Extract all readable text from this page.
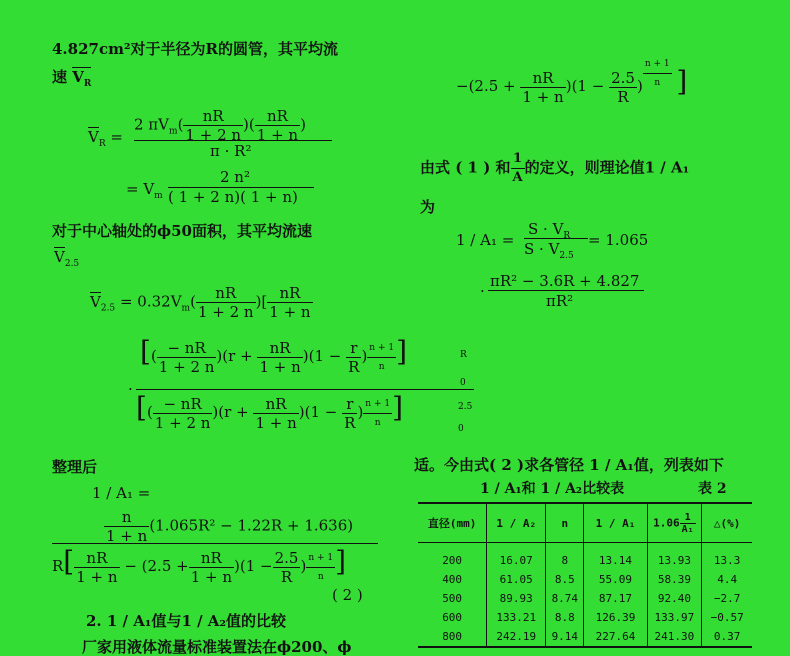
4.827cm²对于半径为R的圆管，其平均流
速 $V_R$
$V_R$ =
2 $\pi V_m( \frac{nR}{1 + 2 n}$ )( $\frac{nR}{1 + n}$ )
π · R²
= $V_m$
2 n²
( 1 + 2 n)( 1 + n)
对于中心轴处的ϕ50面积，其平均流速
$V_{2.5}$
$V_{2.5} = 0.32V_m( \frac{nR}{1 + 2 n}$ )[ $\frac{nR}{1 + n}$
[( $\frac{- nR}{1 + 2 n} )(r + \frac{nR}{1 + n} )(1 - \frac{r}{R}$ ) $\frac{n + 1}{n}$ ]	R
0
·
[( $\frac{- nR}{1 + 2 n} )(r + \frac{nR}{1 + n} )(1 - \frac{r}{R}$ ) $\frac{n + 1}{n}$ ]	2.5
0
整理后
1 / A₁ =
$\frac{n}{1 + n} (1.065R^2 - 1.22R + 1.636)$
$R[ \frac{nR}{1 + n} - (2.5 + \frac{nR}{1 + n} )(1 - \frac{2.5}{R}$ ) $\frac{n + 1}{n}$ ]
( 2 )
2. 1 / A₁值与1 / A₂值的比较
厂家用液体流量标准装置法在ϕ200、ϕ
$-(2.5 + \frac{nR}{1 + n} )(1 - \frac{2.5}{R}$ ) $^{\frac{n + 1}{n}}$ ]
由式 ( 1 ) 和 $\frac{1}{A}$ 的定义，则理论值1 / A₁
为
1 / A₁ =
$S \cdot V_R$
$S \cdot V_{2.5}$
= 1.065
·
πR² − 3.6R + 4.827
πR²
适。今由式( 2 )求各管径 1 / A₁值，列表如下
1 / A₁和 1 / A₂比较表	表 2
直径(mm)	1 / A₂	n	1 / A₁	$1.06 \frac{1}{\text{A₁}}$	△(%)
200	16.07	8	13.14	13.93	13.3
400	61.05	8.5	55.09	58.39	4.4
500	89.93	8.74	87.17	92.40	−2.7
600	133.21	8.8	126.39	133.97	−0.57
800	242.19	9.14	227.64	241.30	0.37
